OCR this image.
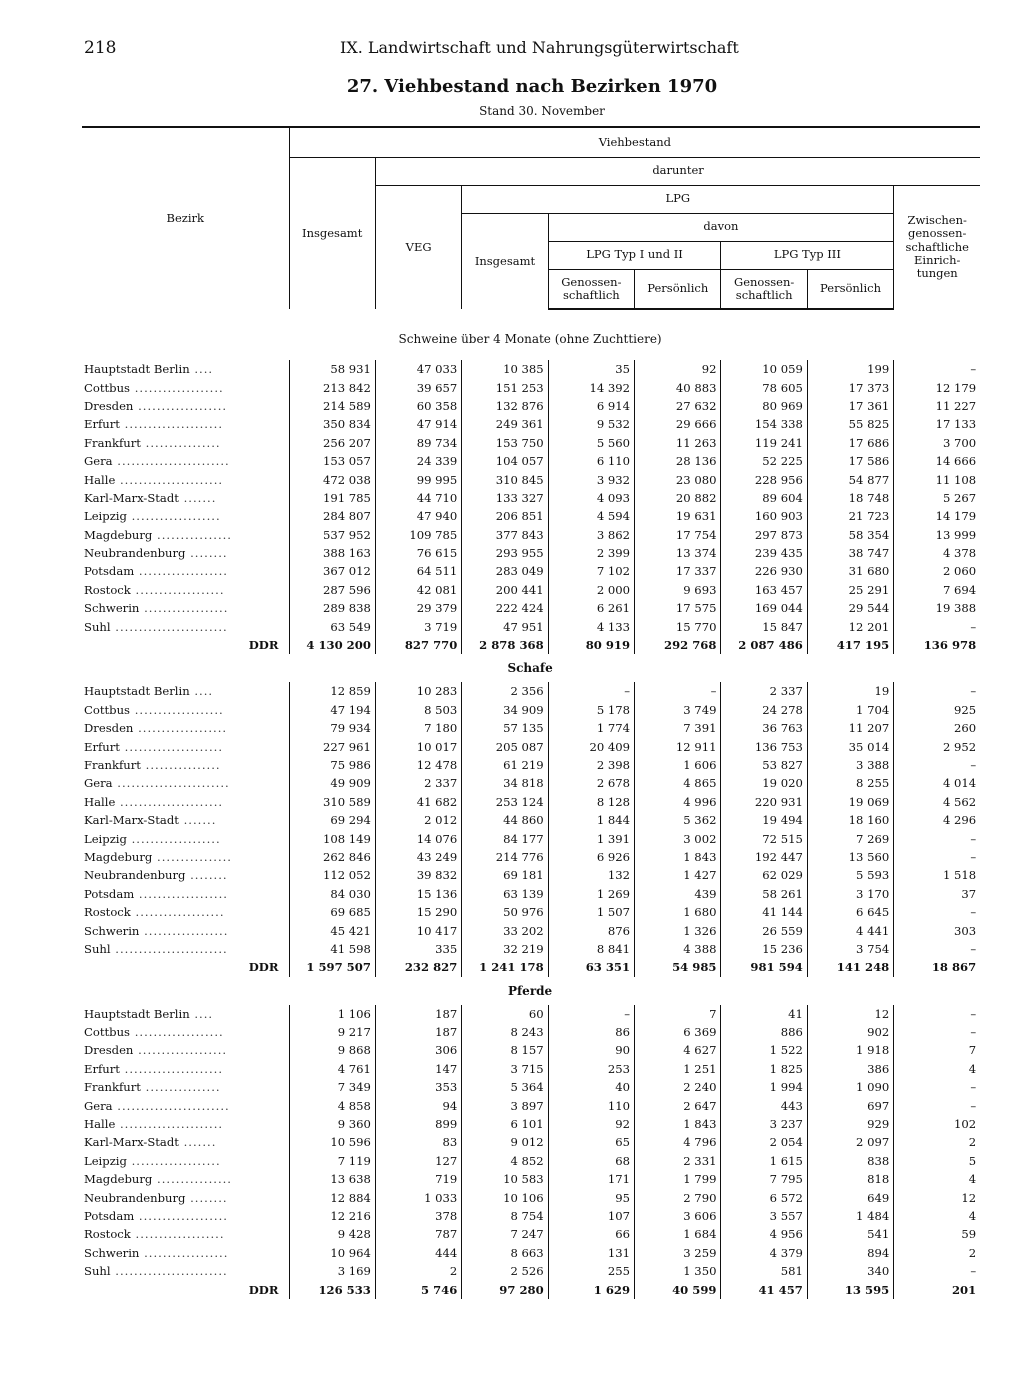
218	IX. Landwirtschaft und Nahrungsgüterwirtschaft
27. Viehbestand nach Bezirken 1970
Stand 30. November
Bezirk	Viehbestand							
	Insgesamt	darunter						
		VEG	LPG					Zwischen-genossen-schaftliche Einrich-tungen
			Insgesamt	davon				
				LPG Typ I und II		LPG Typ III		
				Genossen-schaftlich	Persönlich	Genossen-schaftlich	Persönlich	
Schweine über 4 Monate (ohne Zuchttiere)								
Hauptstadt Berlin ....	58 931	47 033	10 385	35	92	10 059	199	–
Cottbus ...................	213 842	39 657	151 253	14 392	40 883	78 605	17 373	12 179
Dresden ...................	214 589	60 358	132 876	6 914	27 632	80 969	17 361	11 227
Erfurt .....................	350 834	47 914	249 361	9 532	29 666	154 338	55 825	17 133
Frankfurt ................	256 207	89 734	153 750	5 560	11 263	119 241	17 686	3 700
Gera ........................	153 057	24 339	104 057	6 110	28 136	52 225	17 586	14 666
Halle ......................	472 038	99 995	310 845	3 932	23 080	228 956	54 877	11 108
Karl-Marx-Stadt .......	191 785	44 710	133 327	4 093	20 882	89 604	18 748	5 267
Leipzig ...................	284 807	47 940	206 851	4 594	19 631	160 903	21 723	14 179
Magdeburg ................	537 952	109 785	377 843	3 862	17 754	297 873	58 354	13 999
Neubrandenburg ........	388 163	76 615	293 955	2 399	13 374	239 435	38 747	4 378
Potsdam ...................	367 012	64 511	283 049	7 102	17 337	226 930	31 680	2 060
Rostock ...................	287 596	42 081	200 441	2 000	9 693	163 457	25 291	7 694
Schwerin ..................	289 838	29 379	222 424	6 261	17 575	169 044	29 544	19 388
Suhl ........................	63 549	3 719	47 951	4 133	15 770	15 847	12 201	–
DDR	4 130 200	827 770	2 878 368	80 919	292 768	2 087 486	417 195	136 978
Schafe								
Hauptstadt Berlin ....	12 859	10 283	2 356	–	–	2 337	19	–
Cottbus ...................	47 194	8 503	34 909	5 178	3 749	24 278	1 704	925
Dresden ...................	79 934	7 180	57 135	1 774	7 391	36 763	11 207	260
Erfurt .....................	227 961	10 017	205 087	20 409	12 911	136 753	35 014	2 952
Frankfurt ................	75 986	12 478	61 219	2 398	1 606	53 827	3 388	–
Gera ........................	49 909	2 337	34 818	2 678	4 865	19 020	8 255	4 014
Halle ......................	310 589	41 682	253 124	8 128	4 996	220 931	19 069	4 562
Karl-Marx-Stadt .......	69 294	2 012	44 860	1 844	5 362	19 494	18 160	4 296
Leipzig ...................	108 149	14 076	84 177	1 391	3 002	72 515	7 269	–
Magdeburg ................	262 846	43 249	214 776	6 926	1 843	192 447	13 560	–
Neubrandenburg ........	112 052	39 832	69 181	132	1 427	62 029	5 593	1 518
Potsdam ...................	84 030	15 136	63 139	1 269	439	58 261	3 170	37
Rostock ...................	69 685	15 290	50 976	1 507	1 680	41 144	6 645	–
Schwerin ..................	45 421	10 417	33 202	876	1 326	26 559	4 441	303
Suhl ........................	41 598	335	32 219	8 841	4 388	15 236	3 754	–
DDR	1 597 507	232 827	1 241 178	63 351	54 985	981 594	141 248	18 867
Pferde								
Hauptstadt Berlin ....	1 106	187	60	–	7	41	12	–
Cottbus ...................	9 217	187	8 243	86	6 369	886	902	–
Dresden ...................	9 868	306	8 157	90	4 627	1 522	1 918	7
Erfurt .....................	4 761	147	3 715	253	1 251	1 825	386	4
Frankfurt ................	7 349	353	5 364	40	2 240	1 994	1 090	–
Gera ........................	4 858	94	3 897	110	2 647	443	697	–
Halle ......................	9 360	899	6 101	92	1 843	3 237	929	102
Karl-Marx-Stadt .......	10 596	83	9 012	65	4 796	2 054	2 097	2
Leipzig ...................	7 119	127	4 852	68	2 331	1 615	838	5
Magdeburg ................	13 638	719	10 583	171	1 799	7 795	818	4
Neubrandenburg ........	12 884	1 033	10 106	95	2 790	6 572	649	12
Potsdam ...................	12 216	378	8 754	107	3 606	3 557	1 484	4
Rostock ...................	9 428	787	7 247	66	1 684	4 956	541	59
Schwerin ..................	10 964	444	8 663	131	3 259	4 379	894	2
Suhl ........................	3 169	2	2 526	255	1 350	581	340	–
DDR	126 533	5 746	97 280	1 629	40 599	41 457	13 595	201
